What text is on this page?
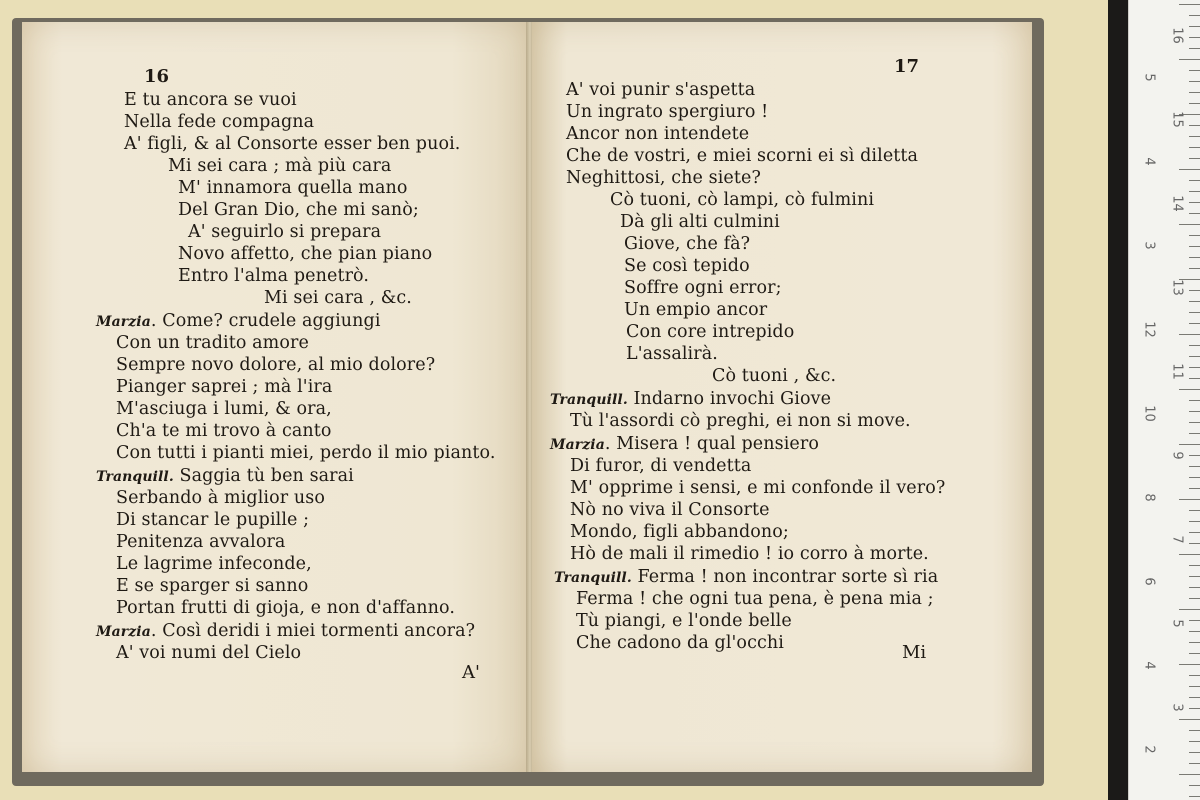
16
E tu ancora se vuoi
Nella fede compagna
A' figli, & al Consorte esser ben puoi.
Mi sei cara ; mà più cara
M' innamora quella mano
Del Gran Dio, che mi sanò;
A' seguirlo si prepara
Novo affetto, che pian piano
Entro l'alma penetrò.
Mi sei cara , &c.
Marzia. Come? crudele aggiungi
Con un tradito amore
Sempre novo dolore, al mio dolore?
Pianger saprei ; mà l'ira
M'asciuga i lumi, & ora,
Ch'a te mi trovo à canto
Con tutti i pianti miei, perdo il mio pianto.
Tranquill. Saggia tù ben sarai
Serbando à miglior uso
Di stancar le pupille ;
Penitenza avvalora
Le lagrime infeconde,
E se sparger si sanno
Portan frutti di gioja, e non d'affanno.
Marzia. Così deridi i miei tormenti ancora?
A' voi numi del Cielo
A'
17
A' voi punir s'aspetta
Un ingrato spergiuro !
Ancor non intendete
Che de vostri, e miei scorni ei sì diletta
Neghittosi, che siete?
Cò tuoni, cò lampi, cò fulmini
Dà gli alti culmini
Giove, che fà?
Se così tepido
Soffre ogni error;
Un empio ancor
Con core intrepido
L'assalirà.
Cò tuoni , &c.
Tranquill. Indarno invochi Giove
Tù l'assordi cò preghi, ei non si move.
Marzia. Misera ! qual pensiero
Di furor, di vendetta
M' opprime i sensi, e mi confonde il vero?
Nò no viva il Consorte
Mondo, figli abbandono;
Hò de mali il rimedio ! io corro à morte.
Tranquill. Ferma ! non incontrar sorte sì ria
Ferma ! che ogni tua pena, è pena mia ;
Tù piangi, e l'onde belle
Che cadono da gl'occhi	Mi
16
5
15
4
14
3
13
12
11
10
9
8
7
6
5
4
3
2
